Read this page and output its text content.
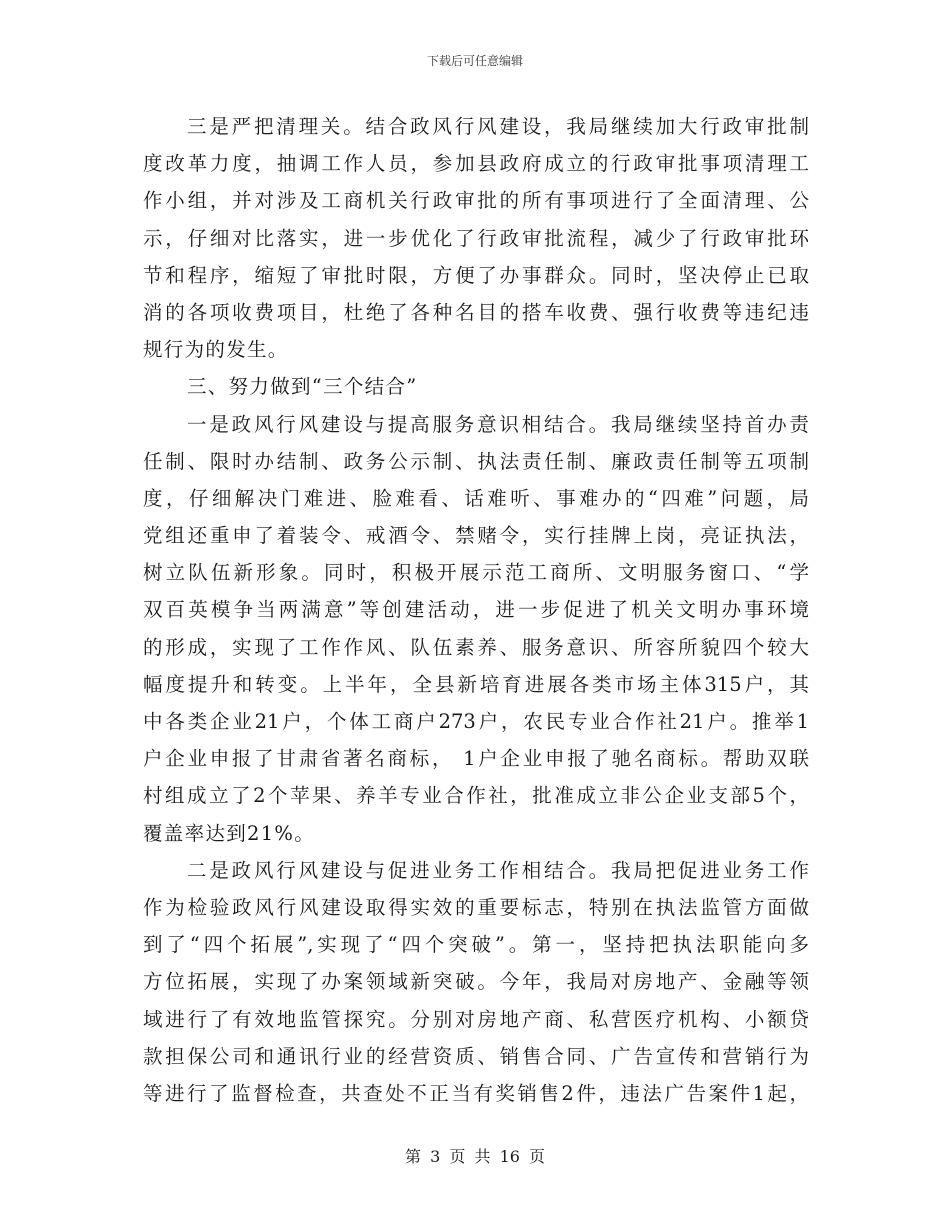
下载后可任意编辑
三是严把清理关。结合政风行风建设，我局继续加大行政审批制
度改革力度，抽调工作人员，参加县政府成立的行政审批事项清理工
作小组，并对涉及工商机关行政审批的所有事项进行了全面清理、公
示，仔细对比落实，进一步优化了行政审批流程，减少了行政审批环
节和程序，缩短了审批时限，方便了办事群众。同时，坚决停止已取
消的各项收费项目，杜绝了各种名目的搭车收费、强行收费等违纪违
规行为的发生。
三、努力做到“三个结合”
一是政风行风建设与提高服务意识相结合。我局继续坚持首办责
任制、限时办结制、政务公示制、执法责任制、廉政责任制等五项制
度，仔细解决门难进、脸难看、话难听、事难办的“四难”问题，局
党组还重申了着装令、戒酒令、禁赌令，实行挂牌上岗，亮证执法，
树立队伍新形象。同时，积极开展示范工商所、文明服务窗口、“学
双百英模争当两满意”等创建活动，进一步促进了机关文明办事环境
的形成，实现了工作作风、队伍素养、服务意识、所容所貌四个较大
幅度提升和转变。上半年，全县新培育进展各类市场主体315户，其
中各类企业21户，个体工商户273户，农民专业合作社21户。推举1
户企业申报了甘肃省著名商标， 1户企业申报了驰名商标。帮助双联
村组成立了2个苹果、养羊专业合作社，批准成立非公企业支部5个，
覆盖率达到21%。
二是政风行风建设与促进业务工作相结合。我局把促进业务工作
作为检验政风行风建设取得实效的重要标志，特别在执法监管方面做
到了“四个拓展”,实现了“四个突破”。第一，坚持把执法职能向多
方位拓展，实现了办案领域新突破。今年，我局对房地产、金融等领
域进行了有效地监管探究。分别对房地产商、私营医疗机构、小额贷
款担保公司和通讯行业的经营资质、销售合同、广告宣传和营销行为
等进行了监督检查，共查处不正当有奖销售2件，违法广告案件1起，
第 3 页 共 16 页
